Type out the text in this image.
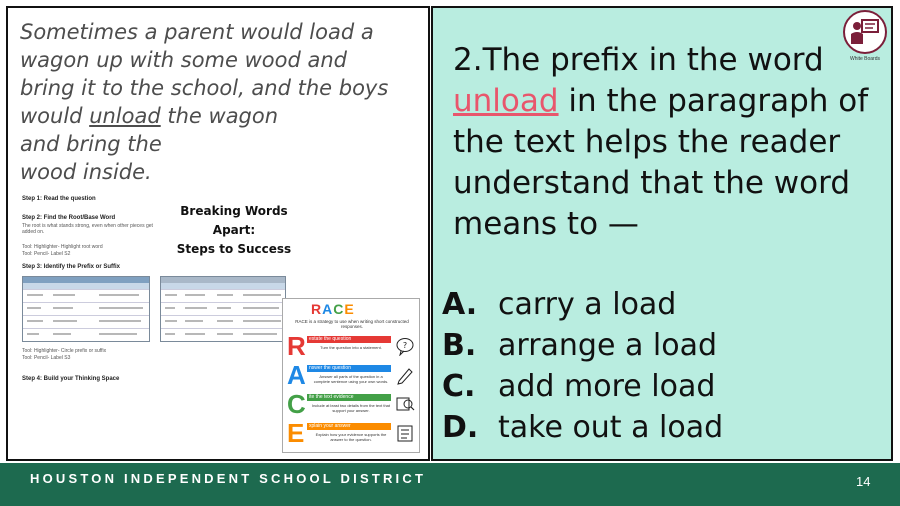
Sometimes a parent would load a
wagon up with some wood and
bring it to the school, and the boys
would unload the wagon
and bring the
wood inside.
Step 1: Read the question
Step 2: Find the Root/Base Word
The root is what stands strong, even when other pieces get added on.
Tool: Highlighter- Highlight root word
Tool: Pencil- Label S2
Step 3: Identify the Prefix or Suffix
Breaking Words
Apart:
Steps to Success
Tool: Highlighter- Circle prefix or suffix
Tool: Pencil- Label S3
Step 4: Build your Thinking Space
RACE
RACE is a strategy to use when writing short constructed responses.
R estate the question
Turn the question into a statement.	?
A nswer the question
Answer all parts of the question in a complete sentence using your own words.
C ite the text evidence
Include at least two details from the text that support your answer.
E xplain your answer
Explain how your evidence supports the answer to the question.
White Boards
2.The prefix in the word
unload in the paragraph of
the text helps the reader
understand that the word
means to —
A. carry a load
B. arrange a load
C. add more load
D. take out a load
HOUSTON INDEPENDENT SCHOOL DISTRICT	14
